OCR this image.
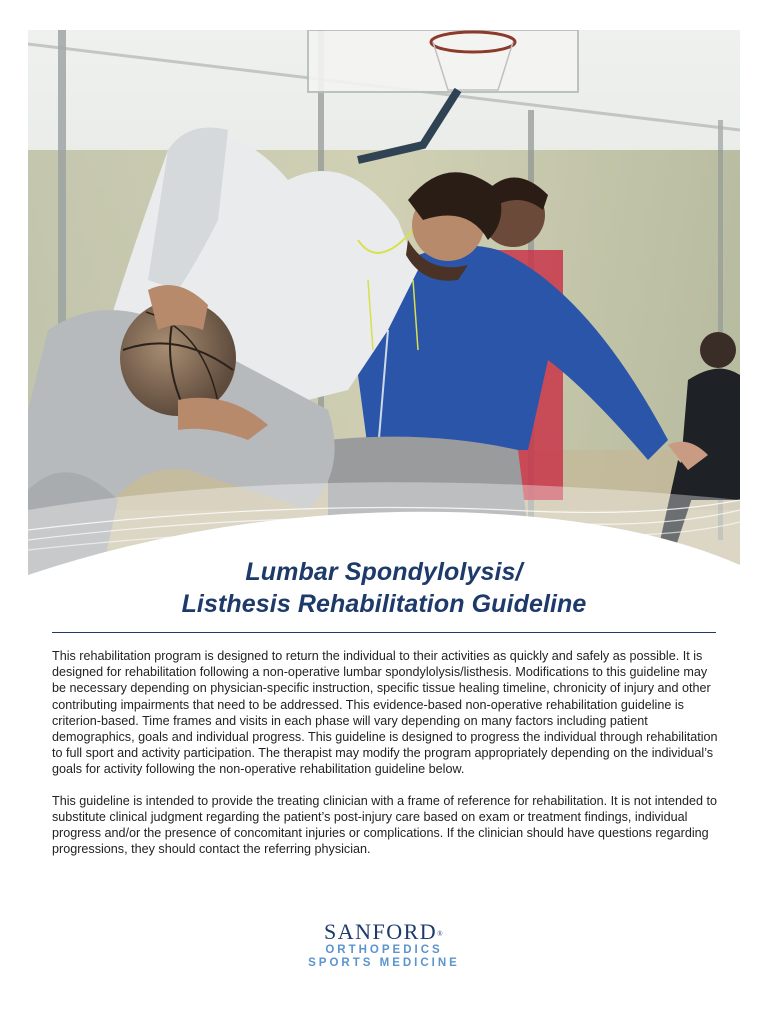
Lumbar Spondylolysis/
Listhesis Rehabilitation Guideline

This rehabilitation program is designed to return the individual to their activities as quickly and safely as possible. It is designed for rehabilitation following a non-operative lumbar spondylolysis/listhesis. Modifications to this guideline may be necessary depending on physician-specific instruction, specific tissue healing timeline, chronicity of injury and other contributing impairments that need to be addressed. This evidence-based non-operative rehabilitation guideline is criterion-based. Time frames and visits in each phase will vary depending on many factors including patient demographics, goals and individual progress. This guideline is designed to progress the individual through rehabilitation to full sport and activity participation. The therapist may modify the program appropriately depending on the individual’s goals for activity following the non-operative rehabilitation guideline below.

This guideline is intended to provide the treating clinician with a frame of reference for rehabilitation. It is not intended to substitute clinical judgment regarding the patient’s post-injury care based on exam or treatment findings, individual progress and/or the presence of concomitant injuries or complications. If the clinician should have questions regarding progressions, they should contact the referring physician.

SANFORD®
ORTHOPEDICS
SPORTS MEDICINE
